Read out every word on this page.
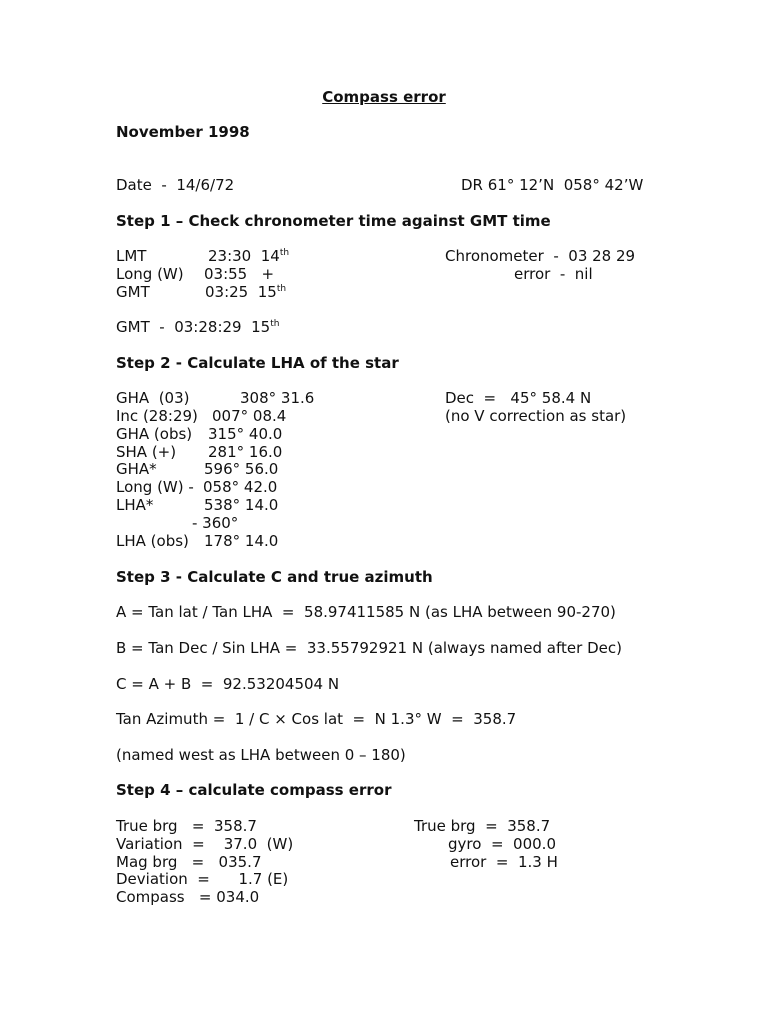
Compass error
November 1998
Date  -  14/6/72	DR 61° 12’N  058° 42’W
Step 1 – Check chronometer time against GMT time
LMT	23:30  14th	Chronometer  -  03 28 29
Long (W) 03:55   +	error  -  nil
GMT	03:25  15th
GMT  -  03:28:29  15th
Step 2 - Calculate LHA of the star
GHA  (03)	308° 31.6	Dec  =   45° 58.4 N
Inc (28:29) 007° 08.4	(no V correction as star)
GHA (obs) 315° 40.0
SHA (+) 281° 16.0
GHA*	596° 56.0
Long (W) - 058° 42.0
LHA*	538° 14.0
- 360°
LHA (obs) 178° 14.0
Step 3 - Calculate C and true azimuth
A = Tan lat / Tan LHA  =  58.97411585 N (as LHA between 90-270)
B = Tan Dec / Sin LHA =  33.55792921 N (always named after Dec)
C = A + B  =  92.53204504 N
Tan Azimuth =  1 / C × Cos lat  =  N 1.3° W  =  358.7
(named west as LHA between 0 – 180)
Step 4 – calculate compass error
True brg   =  358.7
Variation  =    37.0  (W)
Mag brg   =   035.7
Deviation  =      1.7 (E)
Compass   = 034.0
True brg  =  358.7
gyro  =  000.0
error  =  1.3 H
